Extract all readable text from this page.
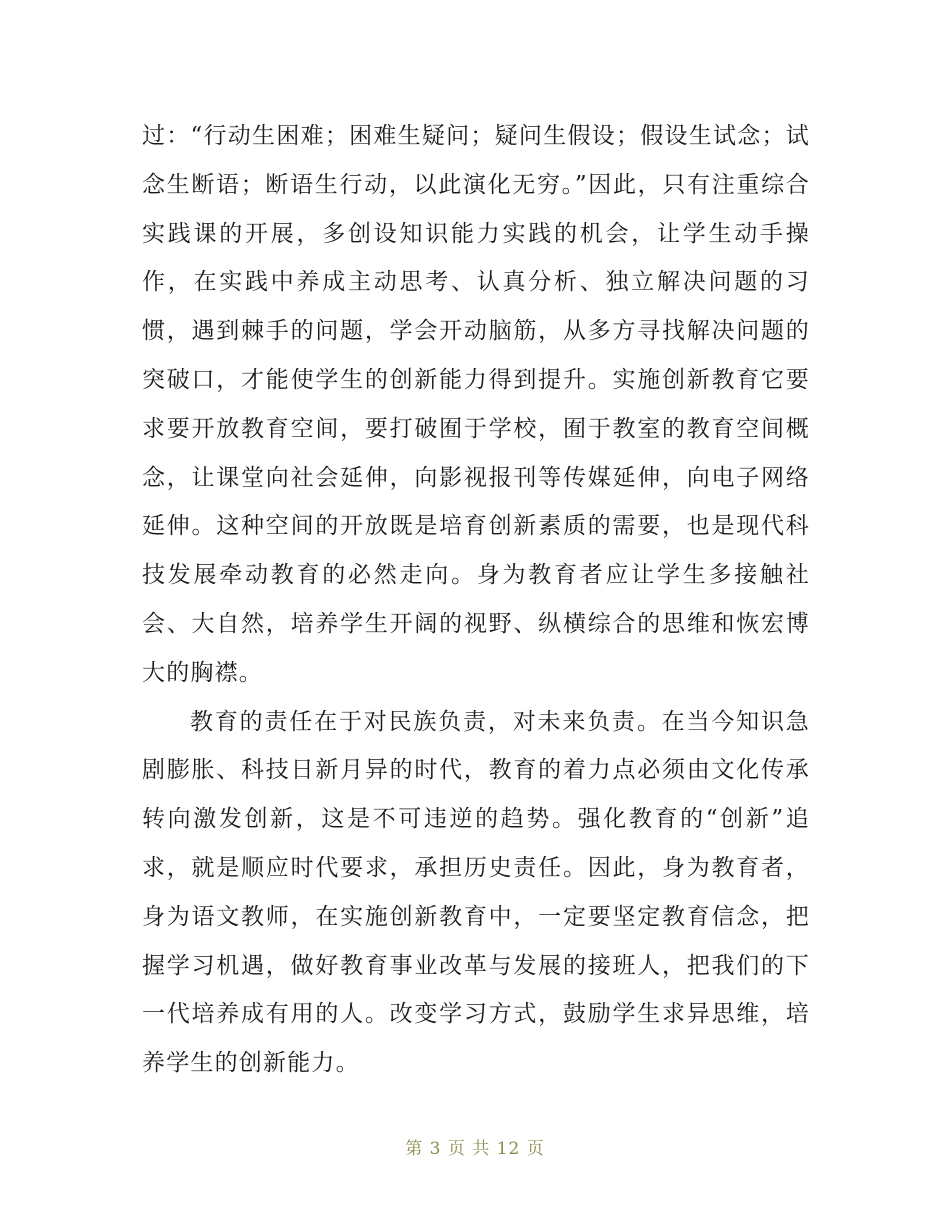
过：“行动生困难；困难生疑问；疑问生假设；假设生试念；试念生断语；断语生行动，以此演化无穷。”因此，只有注重综合实践课的开展，多创设知识能力实践的机会，让学生动手操作，在实践中养成主动思考、认真分析、独立解决问题的习惯，遇到棘手的问题，学会开动脑筋，从多方寻找解决问题的突破口，才能使学生的创新能力得到提升。实施创新教育它要求要开放教育空间，要打破囿于学校，囿于教室的教育空间概念，让课堂向社会延伸，向影视报刊等传媒延伸，向电子网络延伸。这种空间的开放既是培育创新素质的需要，也是现代科技发展牵动教育的必然走向。身为教育者应让学生多接触社会、大自然，培养学生开阔的视野、纵横综合的思维和恢宏博大的胸襟。

教育的责任在于对民族负责，对未来负责。在当今知识急剧膨胀、科技日新月异的时代，教育的着力点必须由文化传承转向激发创新，这是不可违逆的趋势。强化教育的“创新”追求，就是顺应时代要求，承担历史责任。因此，身为教育者，身为语文教师，在实施创新教育中，一定要坚定教育信念，把握学习机遇，做好教育事业改革与发展的接班人，把我们的下一代培养成有用的人。改变学习方式，鼓励学生求异思维，培养学生的创新能力。

第 3 页 共 12 页
